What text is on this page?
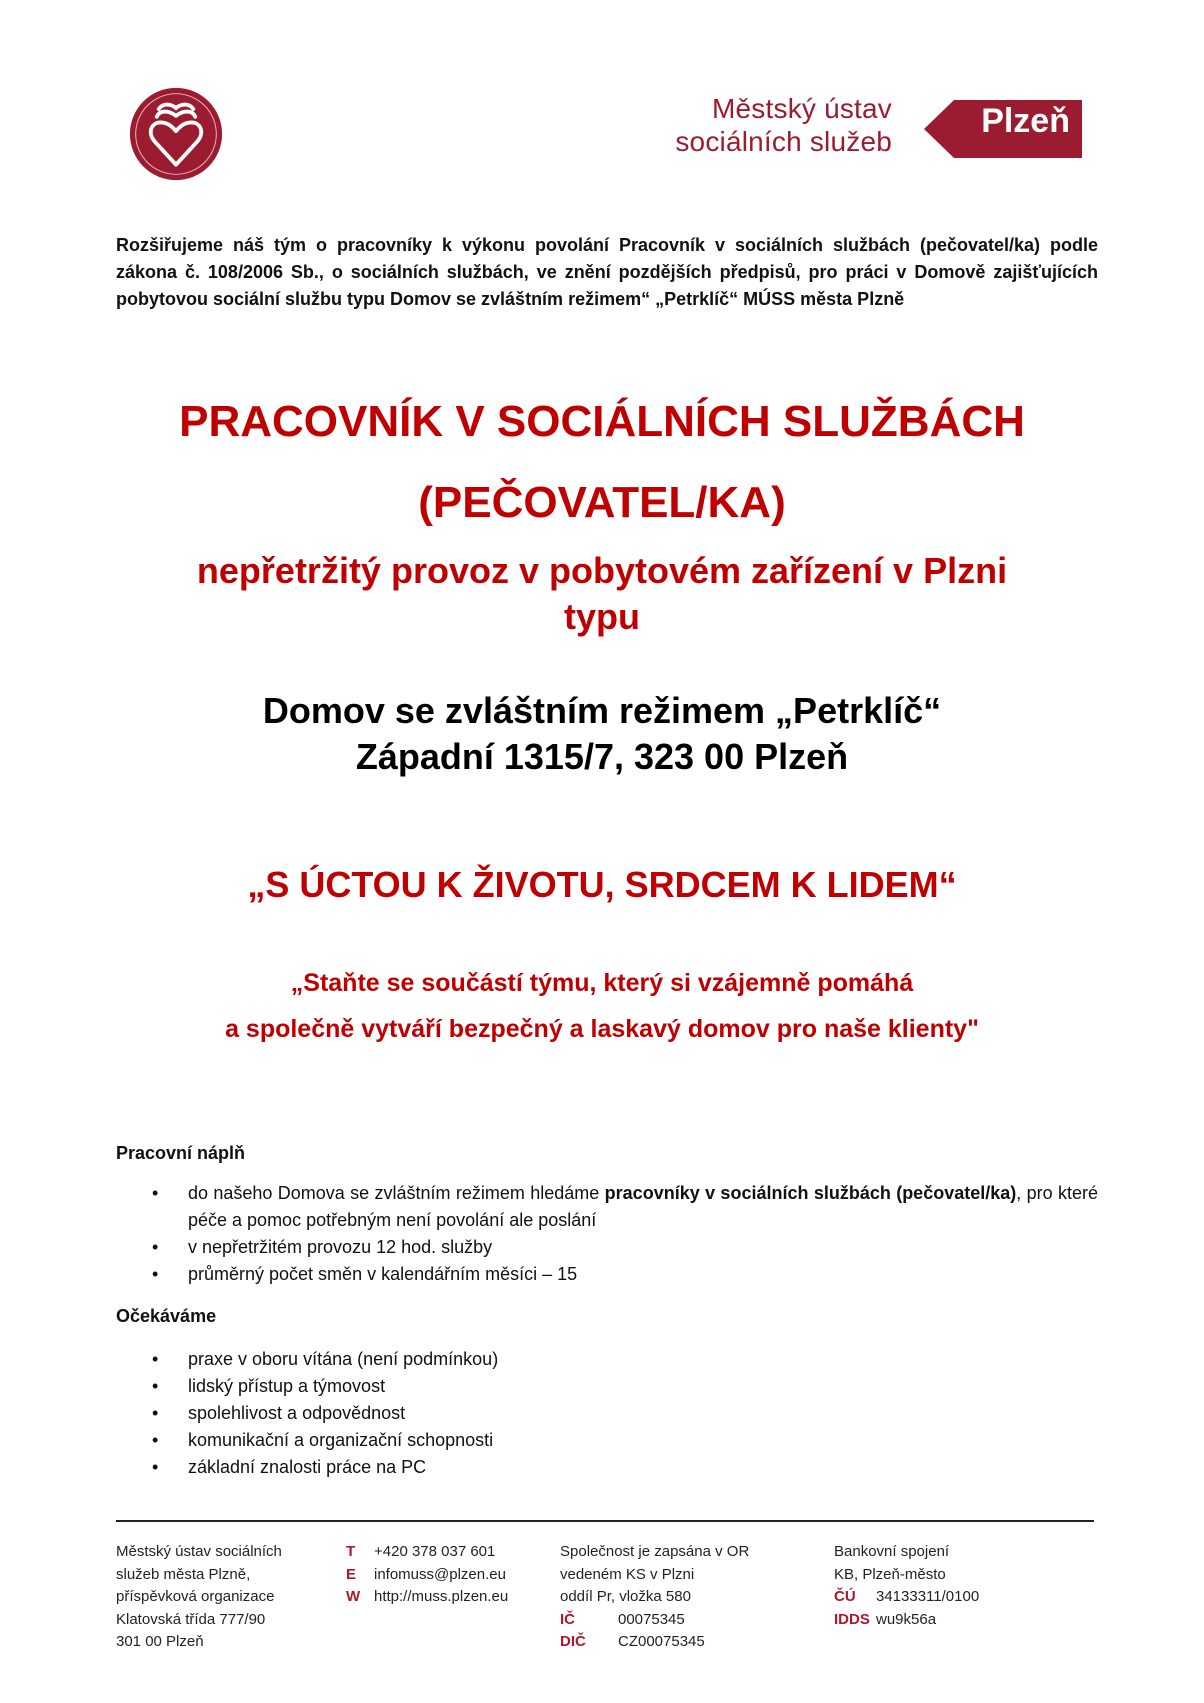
Městský ústav
sociálních služeb
Plzeň
Rozšiřujeme náš tým o pracovníky k výkonu povolání Pracovník v sociálních službách (pečovatel/ka) podle zákona č. 108/2006 Sb., o sociálních službách, ve znění pozdějších předpisů, pro práci v Domově zajišťujících pobytovou sociální službu typu Domov se zvláštním režimem“ „Petrklíč“ MÚSS města Plzně
PRACOVNÍK V SOCIÁLNÍCH SLUŽBÁCH
(PEČOVATEL/KA)
nepřetržitý provoz v pobytovém zařízení v Plzni
typu
Domov se zvláštním režimem „Petrklíč“
Západní 1315/7, 323 00 Plzeň
„S ÚCTOU K ŽIVOTU, SRDCEM K LIDEM“
„Staňte se součástí týmu, který si vzájemně pomáhá
a společně vytváří bezpečný a laskavý domov pro naše klienty"
Pracovní náplň
• do našeho Domova se zvláštním režimem hledáme pracovníky v sociálních službách (pečovatel/ka), pro které péče a pomoc potřebným není povolání ale poslání
• v nepřetržitém provozu 12 hod. služby
• průměrný počet směn v kalendářním měsíci – 15
Očekáváme
• praxe v oboru vítána (není podmínkou)
• lidský přístup a týmovost
• spolehlivost a odpovědnost
• komunikační a organizační schopnosti
• základní znalosti práce na PC
Městský ústav sociálních
služeb města Plzně,
příspěvková organizace
Klatovská třída 777/90
301 00 Plzeň
T +420 378 037 601
E infomuss@plzen.eu
W http://muss.plzen.eu
Společnost je zapsána v OR
vedeném KS v Plzni
oddíl Pr, vložka 580
IČ	00075345
DIČ CZ00075345
Bankovní spojení
KB, Plzeň-město
ČÚ 34133311/0100
IDDS wu9k56a
